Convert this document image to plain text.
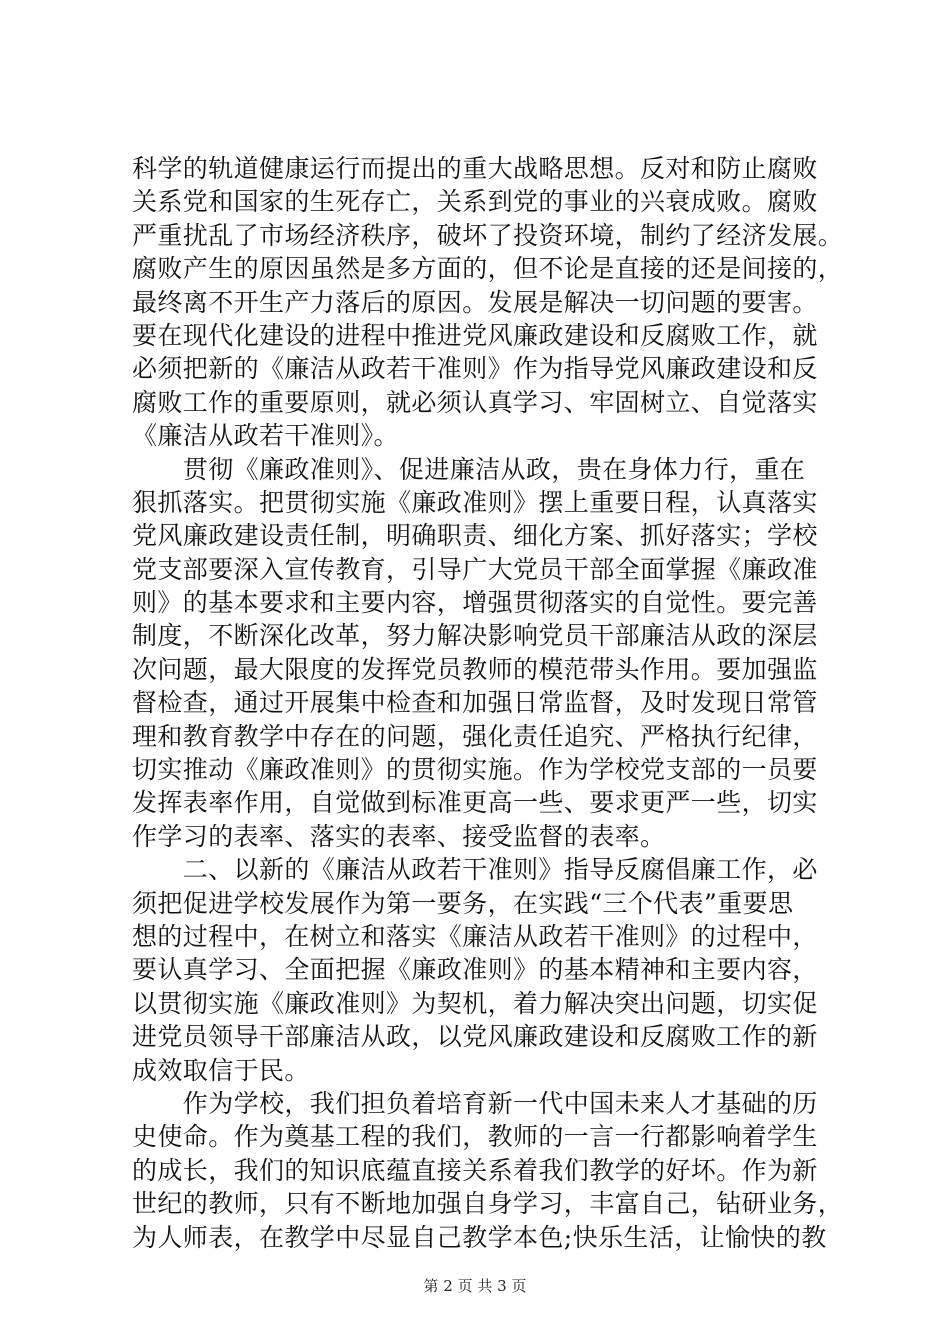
科学的轨道健康运行而提出的重大战略思想。反对和防止腐败
关系党和国家的生死存亡，关系到党的事业的兴衰成败。腐败
严重扰乱了市场经济秩序，破坏了投资环境，制约了经济发展。
腐败产生的原因虽然是多方面的，但不论是直接的还是间接的，
最终离不开生产力落后的原因。发展是解决一切问题的要害。
要在现代化建设的进程中推进党风廉政建设和反腐败工作，就
必须把新的《廉洁从政若干准则》作为指导党风廉政建设和反
腐败工作的重要原则，就必须认真学习、牢固树立、自觉落实
《廉洁从政若干准则》。
　　贯彻《廉政准则》、促进廉洁从政，贵在身体力行，重在
狠抓落实。把贯彻实施《廉政准则》摆上重要日程，认真落实
党风廉政建设责任制，明确职责、细化方案、抓好落实；学校
党支部要深入宣传教育，引导广大党员干部全面掌握《廉政准
则》的基本要求和主要内容，增强贯彻落实的自觉性。要完善
制度，不断深化改革，努力解决影响党员干部廉洁从政的深层
次问题，最大限度的发挥党员教师的模范带头作用。要加强监
督检查，通过开展集中检查和加强日常监督，及时发现日常管
理和教育教学中存在的问题，强化责任追究、严格执行纪律，
切实推动《廉政准则》的贯彻实施。作为学校党支部的一员要
发挥表率作用，自觉做到标准更高一些、要求更严一些，切实
作学习的表率、落实的表率、接受监督的表率。
　　二、以新的《廉洁从政若干准则》指导反腐倡廉工作，必
须把促进学校发展作为第一要务，在实践“三个代表”重要思
想的过程中，在树立和落实《廉洁从政若干准则》的过程中，
要认真学习、全面把握《廉政准则》的基本精神和主要内容，
以贯彻实施《廉政准则》为契机，着力解决突出问题，切实促
进党员领导干部廉洁从政，以党风廉政建设和反腐败工作的新
成效取信于民。
　　作为学校，我们担负着培育新一代中国未来人才基础的历
史使命。作为奠基工程的我们，教师的一言一行都影响着学生
的成长，我们的知识底蕴直接关系着我们教学的好坏。作为新
世纪的教师，只有不断地加强自身学习，丰富自己，钻研业务，
为人师表，在教学中尽显自己教学本色;快乐生活，让愉快的教
第 2 页 共 3 页
